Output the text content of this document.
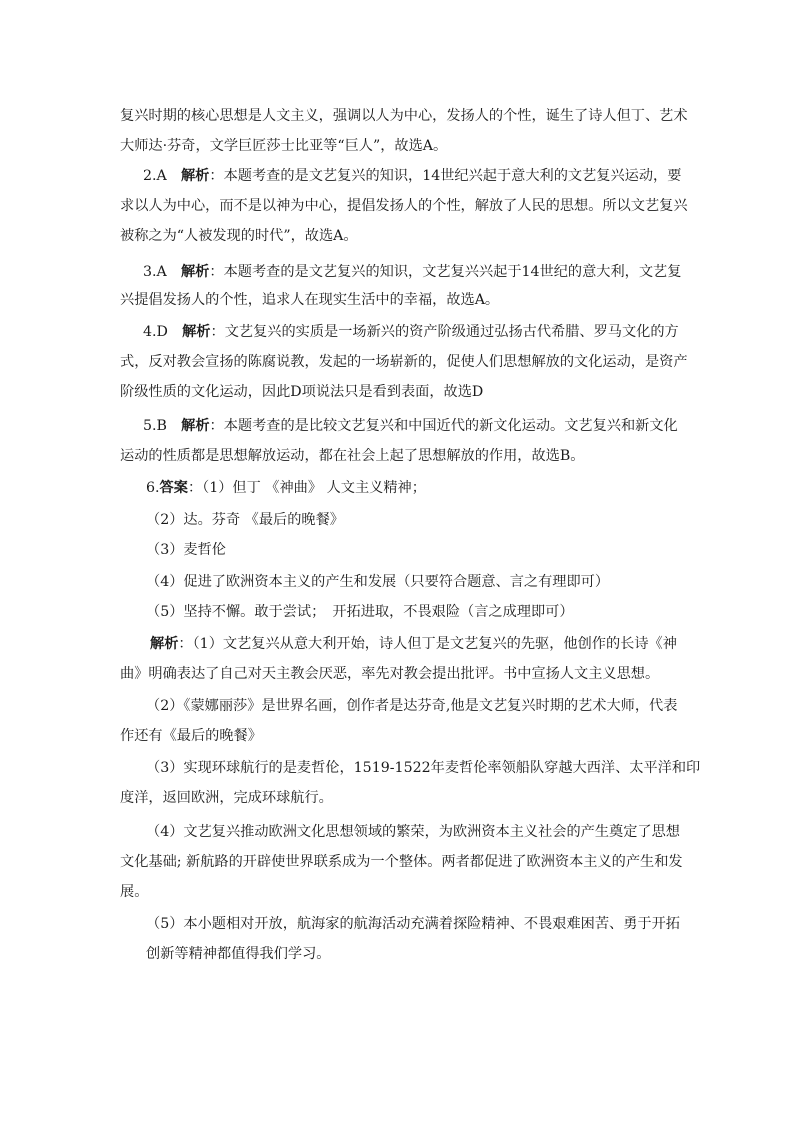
复兴时期的核心思想是人文主义，强调以人为中心，发扬人的个性，诞生了诗人但丁、艺术
大师达·芬奇，文学巨匠莎士比亚等“巨人”，故选A。
2.A　解析：本题考查的是文艺复兴的知识，14世纪兴起于意大利的文艺复兴运动，要
求以人为中心，而不是以神为中心，提倡发扬人的个性，解放了人民的思想。所以文艺复兴
被称之为“人被发现的时代”，故选A。
3.A　解析：本题考查的是文艺复兴的知识，文艺复兴兴起于14世纪的意大利，文艺复
兴提倡发扬人的个性，追求人在现实生活中的幸福，故选A。
4.D　解析：文艺复兴的实质是一场新兴的资产阶级通过弘扬古代希腊、罗马文化的方
式，反对教会宣扬的陈腐说教，发起的一场崭新的，促使人们思想解放的文化运动，是资产
阶级性质的文化运动，因此D项说法只是看到表面，故选D
5.B　解析：本题考查的是比较文艺复兴和中国近代的新文化运动。文艺复兴和新文化
运动的性质都是思想解放运动，都在社会上起了思想解放的作用，故选B。
6.答案：（1）但丁 《神曲》 人文主义精神；
（2）达。芬奇 《最后的晚餐》
（3）麦哲伦
（4）促进了欧洲资本主义的产生和发展（只要符合题意、言之有理即可）
（5）坚持不懈。敢于尝试；　开拓进取，不畏艰险（言之成理即可）
解析：（1）文艺复兴从意大利开始，诗人但丁是文艺复兴的先驱，他创作的长诗《神
曲》明确表达了自己对天主教会厌恶，率先对教会提出批评。书中宣扬人文主义思想。
（2）《蒙娜丽莎》是世界名画，创作者是达芬奇,他是文艺复兴时期的艺术大师，代表
作还有《最后的晚餐》
（3）实现环球航行的是麦哲伦，1519-1522年麦哲伦率领船队穿越大西洋、太平洋和印
度洋，返回欧洲，完成环球航行。
（4）文艺复兴推动欧洲文化思想领域的繁荣，为欧洲资本主义社会的产生奠定了思想
文化基础; 新航路的开辟使世界联系成为一个整体。两者都促进了欧洲资本主义的产生和发
展。
（5）本小题相对开放，航海家的航海活动充满着探险精神、不畏艰难困苦、勇于开拓
创新等精神都值得我们学习。
